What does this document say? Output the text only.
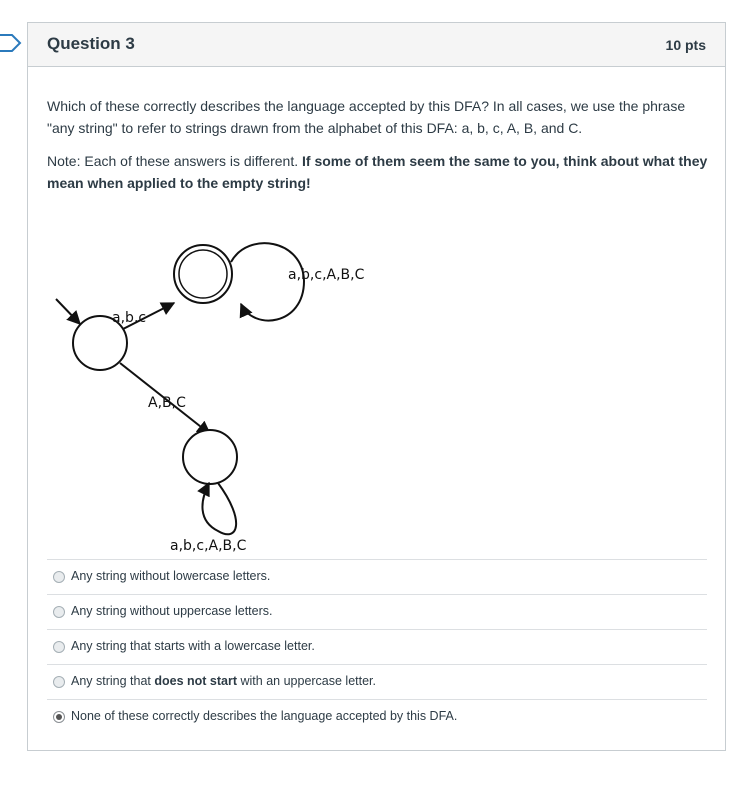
Question 3	10 pts

Which of these correctly describes the language accepted by this DFA? In all cases, we use the phrase "any string" to refer to strings drawn from the alphabet of this DFA: a, b, c, A, B, and C.

Note: Each of these answers is different. If some of them seem the same to you, think about what they mean when applied to the empty string!

a,b,c
a,b,c,A,B,C
A,B,C
a,b,c,A,B,C
Any string without lowercase letters.
Any string without uppercase letters.
Any string that starts with a lowercase letter.
Any string that does not start with an uppercase letter.
None of these correctly describes the language accepted by this DFA.
